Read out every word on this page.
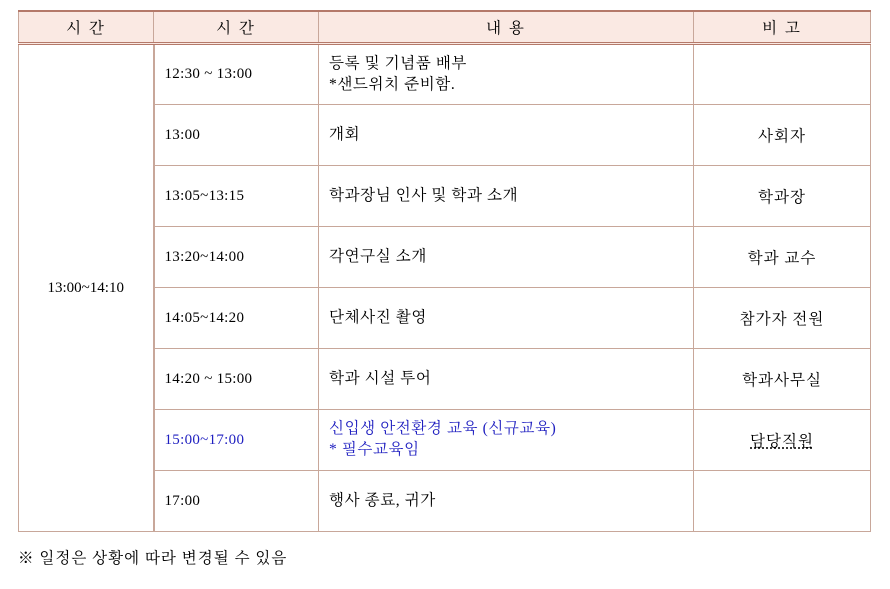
시 간	시 간	내 용	비 고
13:00~14:10	12:30 ~ 13:00	등록 및 기념품 배부
*샌드위치 준비함.	

	13:00	개회	사회자
	13:05~13:15	학과장님 인사 및 학과 소개	학과장
	13:20~14:00	각연구실 소개	학과 교수
	14:05~14:20	단체사진 촬영	참가자 전원
	14:20 ~ 15:00	학과 시설 투어	학과사무실
	15:00~17:00	신입생 안전환경 교육 (신규교육)
* 필수교육임	담당직원
	17:00	행사 종료, 귀가	

※ 일정은 상황에 따라 변경될 수 있음
